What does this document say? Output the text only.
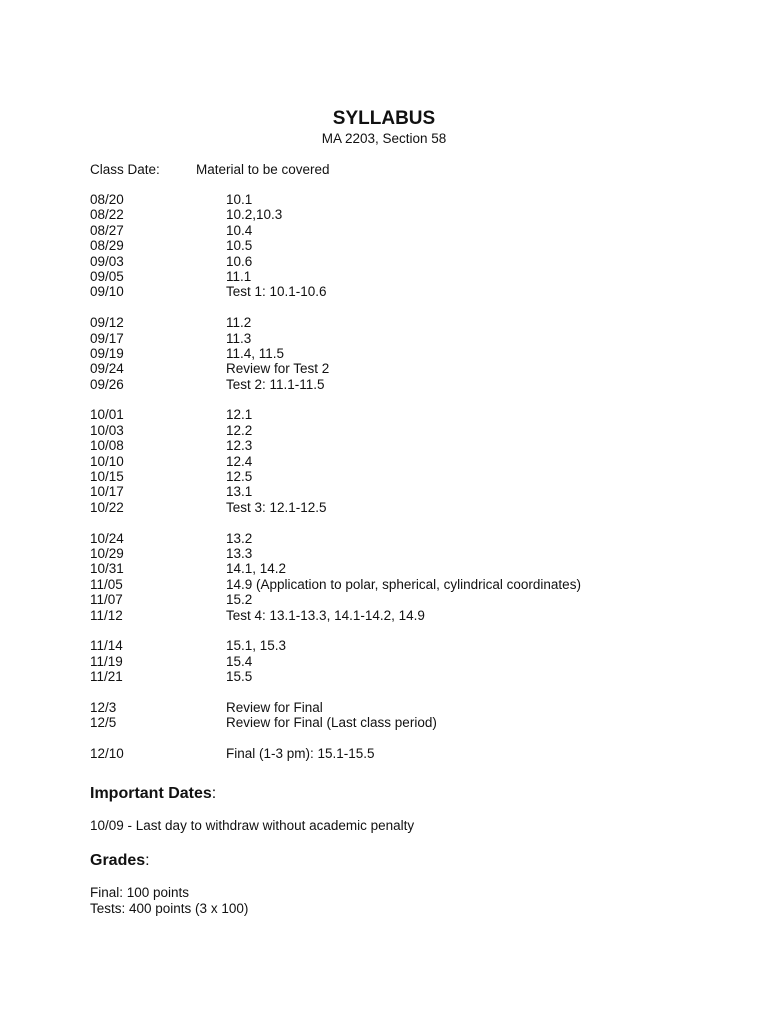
SYLLABUS
MA 2203, Section 58
Class Date:	Material to be covered
08/20	10.1
08/22	10.2,10.3
08/27	10.4
08/29	10.5
09/03	10.6
09/05	11.1
09/10	Test 1: 10.1-10.6
09/12	11.2
09/17	11.3
09/19	11.4, 11.5
09/24	Review for Test 2
09/26	Test 2: 11.1-11.5
10/01	12.1
10/03	12.2
10/08	12.3
10/10	12.4
10/15	12.5
10/17	13.1
10/22	Test 3: 12.1-12.5
10/24	13.2
10/29	13.3
10/31	14.1, 14.2
11/05	14.9 (Application to polar, spherical, cylindrical coordinates)
11/07	15.2
11/12	Test 4: 13.1-13.3, 14.1-14.2, 14.9
11/14	15.1, 15.3
11/19	15.4
11/21	15.5
12/3	Review for Final
12/5	Review for Final (Last class period)
12/10	Final (1-3 pm): 15.1-15.5
Important Dates:
10/09 - Last day to withdraw without academic penalty
Grades:
Final: 100 points
Tests: 400 points (3 x 100)
